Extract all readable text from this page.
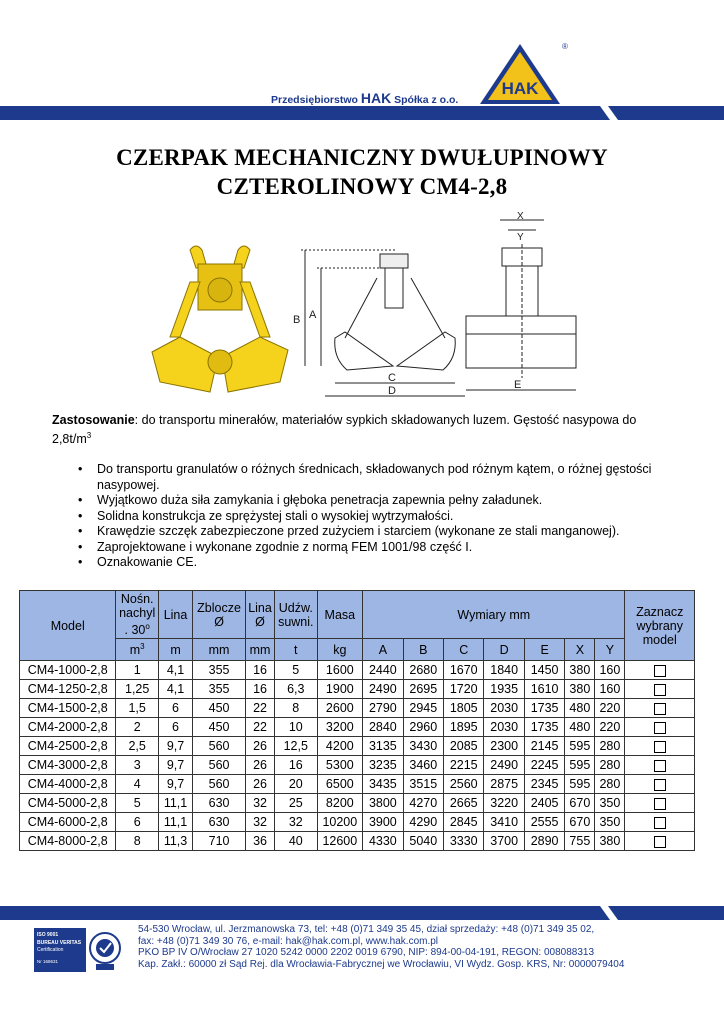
Przedsiębiorstwo HAK Spółka z o.o.
HAK
®
CZERPAK MECHANICZNY DWUŁUPINOWY
CZTEROLINOWY CM4-2,8
B A
C
D
X
Y
E
Zastosowanie: do transportu minerałów, materiałów sypkich składowanych luzem. Gęstość nasypowa do $2,8t/m^3$
• Do transportu granulatów o różnych średnicach, składowanych pod różnym kątem, o różnej gęstości nasypowej.
• Wyjątkowo duża siła zamykania i głęboka penetracja zapewnia pełny załadunek.
• Solidna konstrukcja ze sprężystej stali o wysokiej wytrzymałości.
• Krawędzie szczęk zabezpieczone przed zużyciem i starciem (wykonane ze stali manganowej).
• Zaprojektowane i wykonane zgodnie z normą FEM 1001/98 część I.
• Oznakowanie CE.
Model	Nośn. nachyl . 30$^o$	Lina	Zblocze Ø	Lina Ø	Udźw. suwni.	Masa	Wymiary mm							Zaznacz wybrany model
	$m^3$	m	mm	mm	t	kg	A	B	C	D	E	X	Y	
CM4-1000-2,8	1	4,1	355	16	5	1600	2440	2680	1670	1840	1450	380	160	
CM4-1250-2,8	1,25	4,1	355	16	6,3	1900	2490	2695	1720	1935	1610	380	160	
CM4-1500-2,8	1,5	6	450	22	8	2600	2790	2945	1805	2030	1735	480	220	
CM4-2000-2,8	2	6	450	22	10	3200	2840	2960	1895	2030	1735	480	220	
CM4-2500-2,8	2,5	9,7	560	26	12,5	4200	3135	3430	2085	2300	2145	595	280	
CM4-3000-2,8	3	9,7	560	26	16	5300	3235	3460	2215	2490	2245	595	280	
CM4-4000-2,8	4	9,7	560	26	20	6500	3435	3515	2560	2875	2345	595	280	
CM4-5000-2,8	5	11,1	630	32	25	8200	3800	4270	2665	3220	2405	670	350	
CM4-6000-2,8	6	11,1	630	32	32	10200	3900	4290	2845	3410	2555	670	350	
CM4-8000-2,8	8	11,3	710	36	40	12600	4330	5040	3330	3700	2890	755	380	
ISO 9001
BUREAU VERITAS
Certification
Nr 168631
54-530 Wrocław, ul. Jerzmanowska 73, tel: +48 (0)71 349 35 45, dział sprzedaży: +48 (0)71 349 35 02,
fax: +48 (0)71 349 30 76, e-mail: hak@hak.com.pl, www.hak.com.pl
PKO BP IV O/Wrocław 27 1020 5242 0000 2202 0019 6790, NIP: 894-00-04-191, REGON: 008088313
Kap. Zakł.: 60000 zł Sąd Rej. dla Wrocławia-Fabrycznej we Wrocławiu, VI Wydz. Gosp. KRS, Nr: 0000079404
